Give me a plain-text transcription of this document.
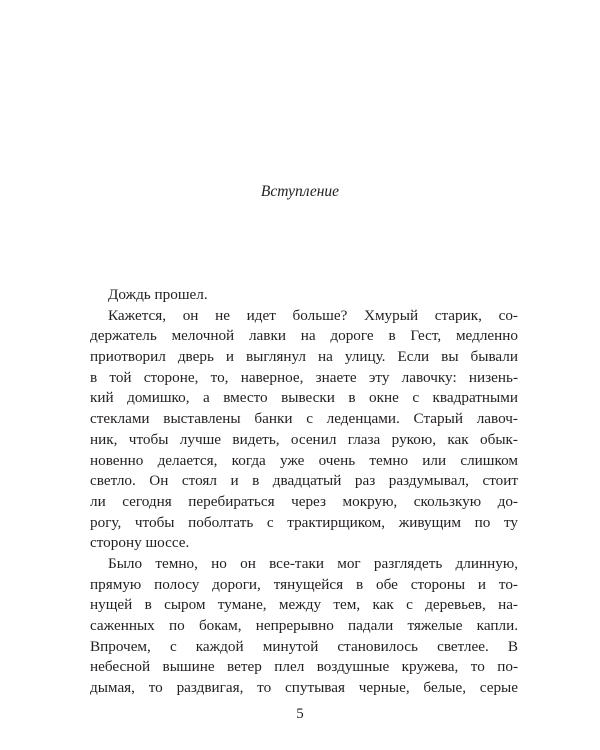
Вступление
Дождь прошел.
Кажется, он не идет больше? Хмурый старик, со-
держатель мелочной лавки на дороге в Гест, медленно
приотворил дверь и выглянул на улицу. Если вы бывали
в той стороне, то, наверное, знаете эту лавочку: низень-
кий домишко, а вместо вывески в окне с квадратными
стеклами выставлены банки с леденцами. Старый лавоч-
ник, чтобы лучше видеть, осенил глаза рукою, как обык-
новенно делается, когда уже очень темно или слишком
светло. Он стоял и в двадцатый раз раздумывал, стоит
ли сегодня перебираться через мокрую, скользкую до-
рогу, чтобы поболтать с трактирщиком, живущим по ту
сторону шоссе.
Было темно, но он все-таки мог разглядеть длинную,
прямую полосу дороги, тянущейся в обе стороны и то-
нущей в сыром тумане, между тем, как с деревьев, на-
саженных по бокам, непрерывно падали тяжелые капли.
Впрочем, с каждой минутой становилось светлее. В
небесной вышине ветер плел воздушные кружева, то по-
дымая, то раздвигая, то спутывая черные, белые, серые
5
